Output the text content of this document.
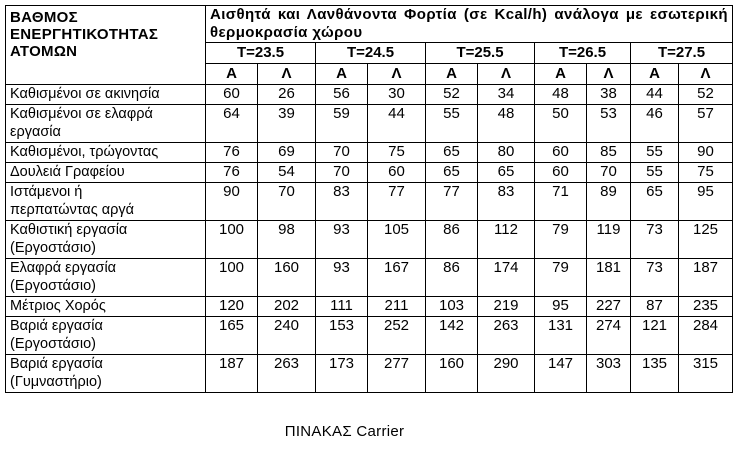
ΒΑΘΜΟΣ
ΕΝΕΡΓΗΤΙΚΟΤΗΤΑΣ
ΑΤΟΜΩΝ	Αισθητά και Λανθάνοντα Φορτία (σε Kcal/h) ανάλογα με εσωτερική θερμοκρασία χώρου									
	T=23.5		T=24.5		T=25.5		T=26.5		T=27.5	
	Α	Λ	Α	Λ	Α	Λ	Α	Λ	Α	Λ

Καθισμένοι σε ακινησία	60	26	56	30	52	34	48	38	44	52

Καθισμένοι σε ελαφρά
εργασία	64	39	59	44	55	48	50	53	46	57

Καθισμένοι, τρώγοντας	76	69	70	75	65	80	60	85	55	90

Δουλειά Γραφείου	76	54	70	60	65	65	60	70	55	75

Ιστάμενοι ή
περπατώντας αργά	90	70	83	77	77	83	71	89	65	95

Καθιστική εργασία
(Εργοστάσιο)	100	98	93	105	86	112	79	119	73	125

Ελαφρά εργασία
(Εργοστάσιο)	100	160	93	167	86	174	79	181	73	187

Μέτριος Χορός	120	202	111	211	103	219	95	227	87	235

Βαριά εργασία
(Εργοστάσιο)	165	240	153	252	142	263	131	274	121	284

Βαριά εργασία
(Γυμναστήριο)	187	263	173	277	160	290	147	303	135	315
ΠΙΝΑΚΑΣ Carrier
